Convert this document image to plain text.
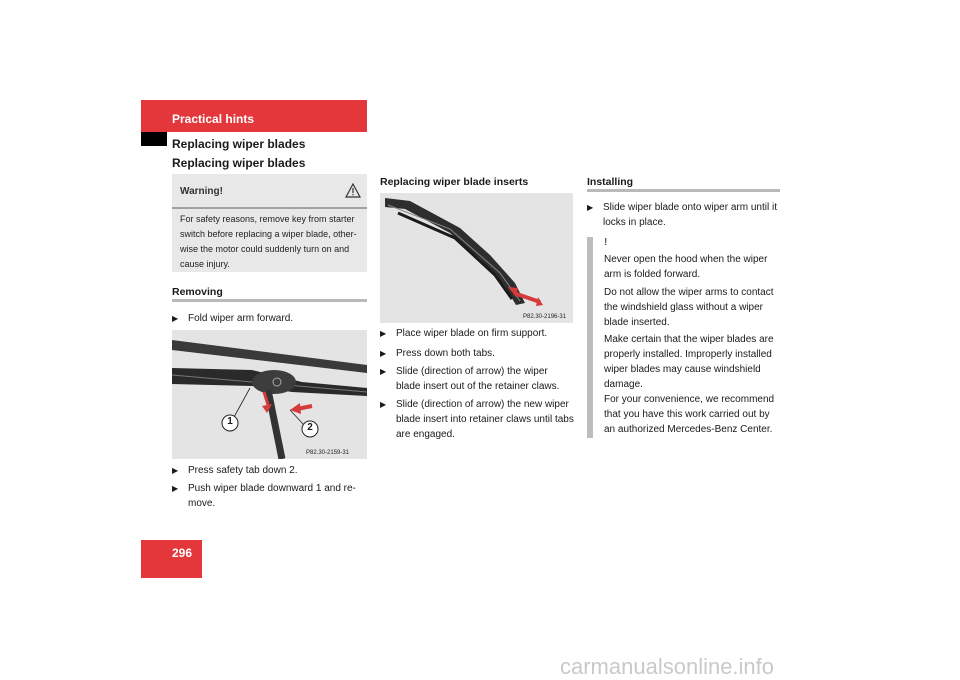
Practical hints
Replacing wiper blades
Replacing wiper blades
Warning!
For safety reasons, remove key from starter switch before replacing a wiper blade, other-wise the motor could suddenly turn on and cause injury.
Removing
▶ Fold wiper arm forward.
1
2
P82.30-2159-31
▶ Press safety tab down 2.
▶ Push wiper blade downward 1 and re-move.
Replacing wiper blade inserts
P82.30-2196-31
▶ Place wiper blade on firm support.
▶ Press down both tabs.
▶ Slide (direction of arrow) the wiper blade insert out of the retainer claws.
▶ Slide (direction of arrow) the new wiper blade insert into retainer claws until tabs are engaged.
Installing
▶ Slide wiper blade onto wiper arm until it locks in place.
!
Never open the hood when the wiper arm is folded forward.
Do not allow the wiper arms to contact the windshield glass without a wiper blade inserted.
Make certain that the wiper blades are properly installed. Improperly installed wiper blades may cause windshield damage.
For your convenience, we recommend that you have this work carried out by an authorized Mercedes-Benz Center.
296
carmanualsonline.info
